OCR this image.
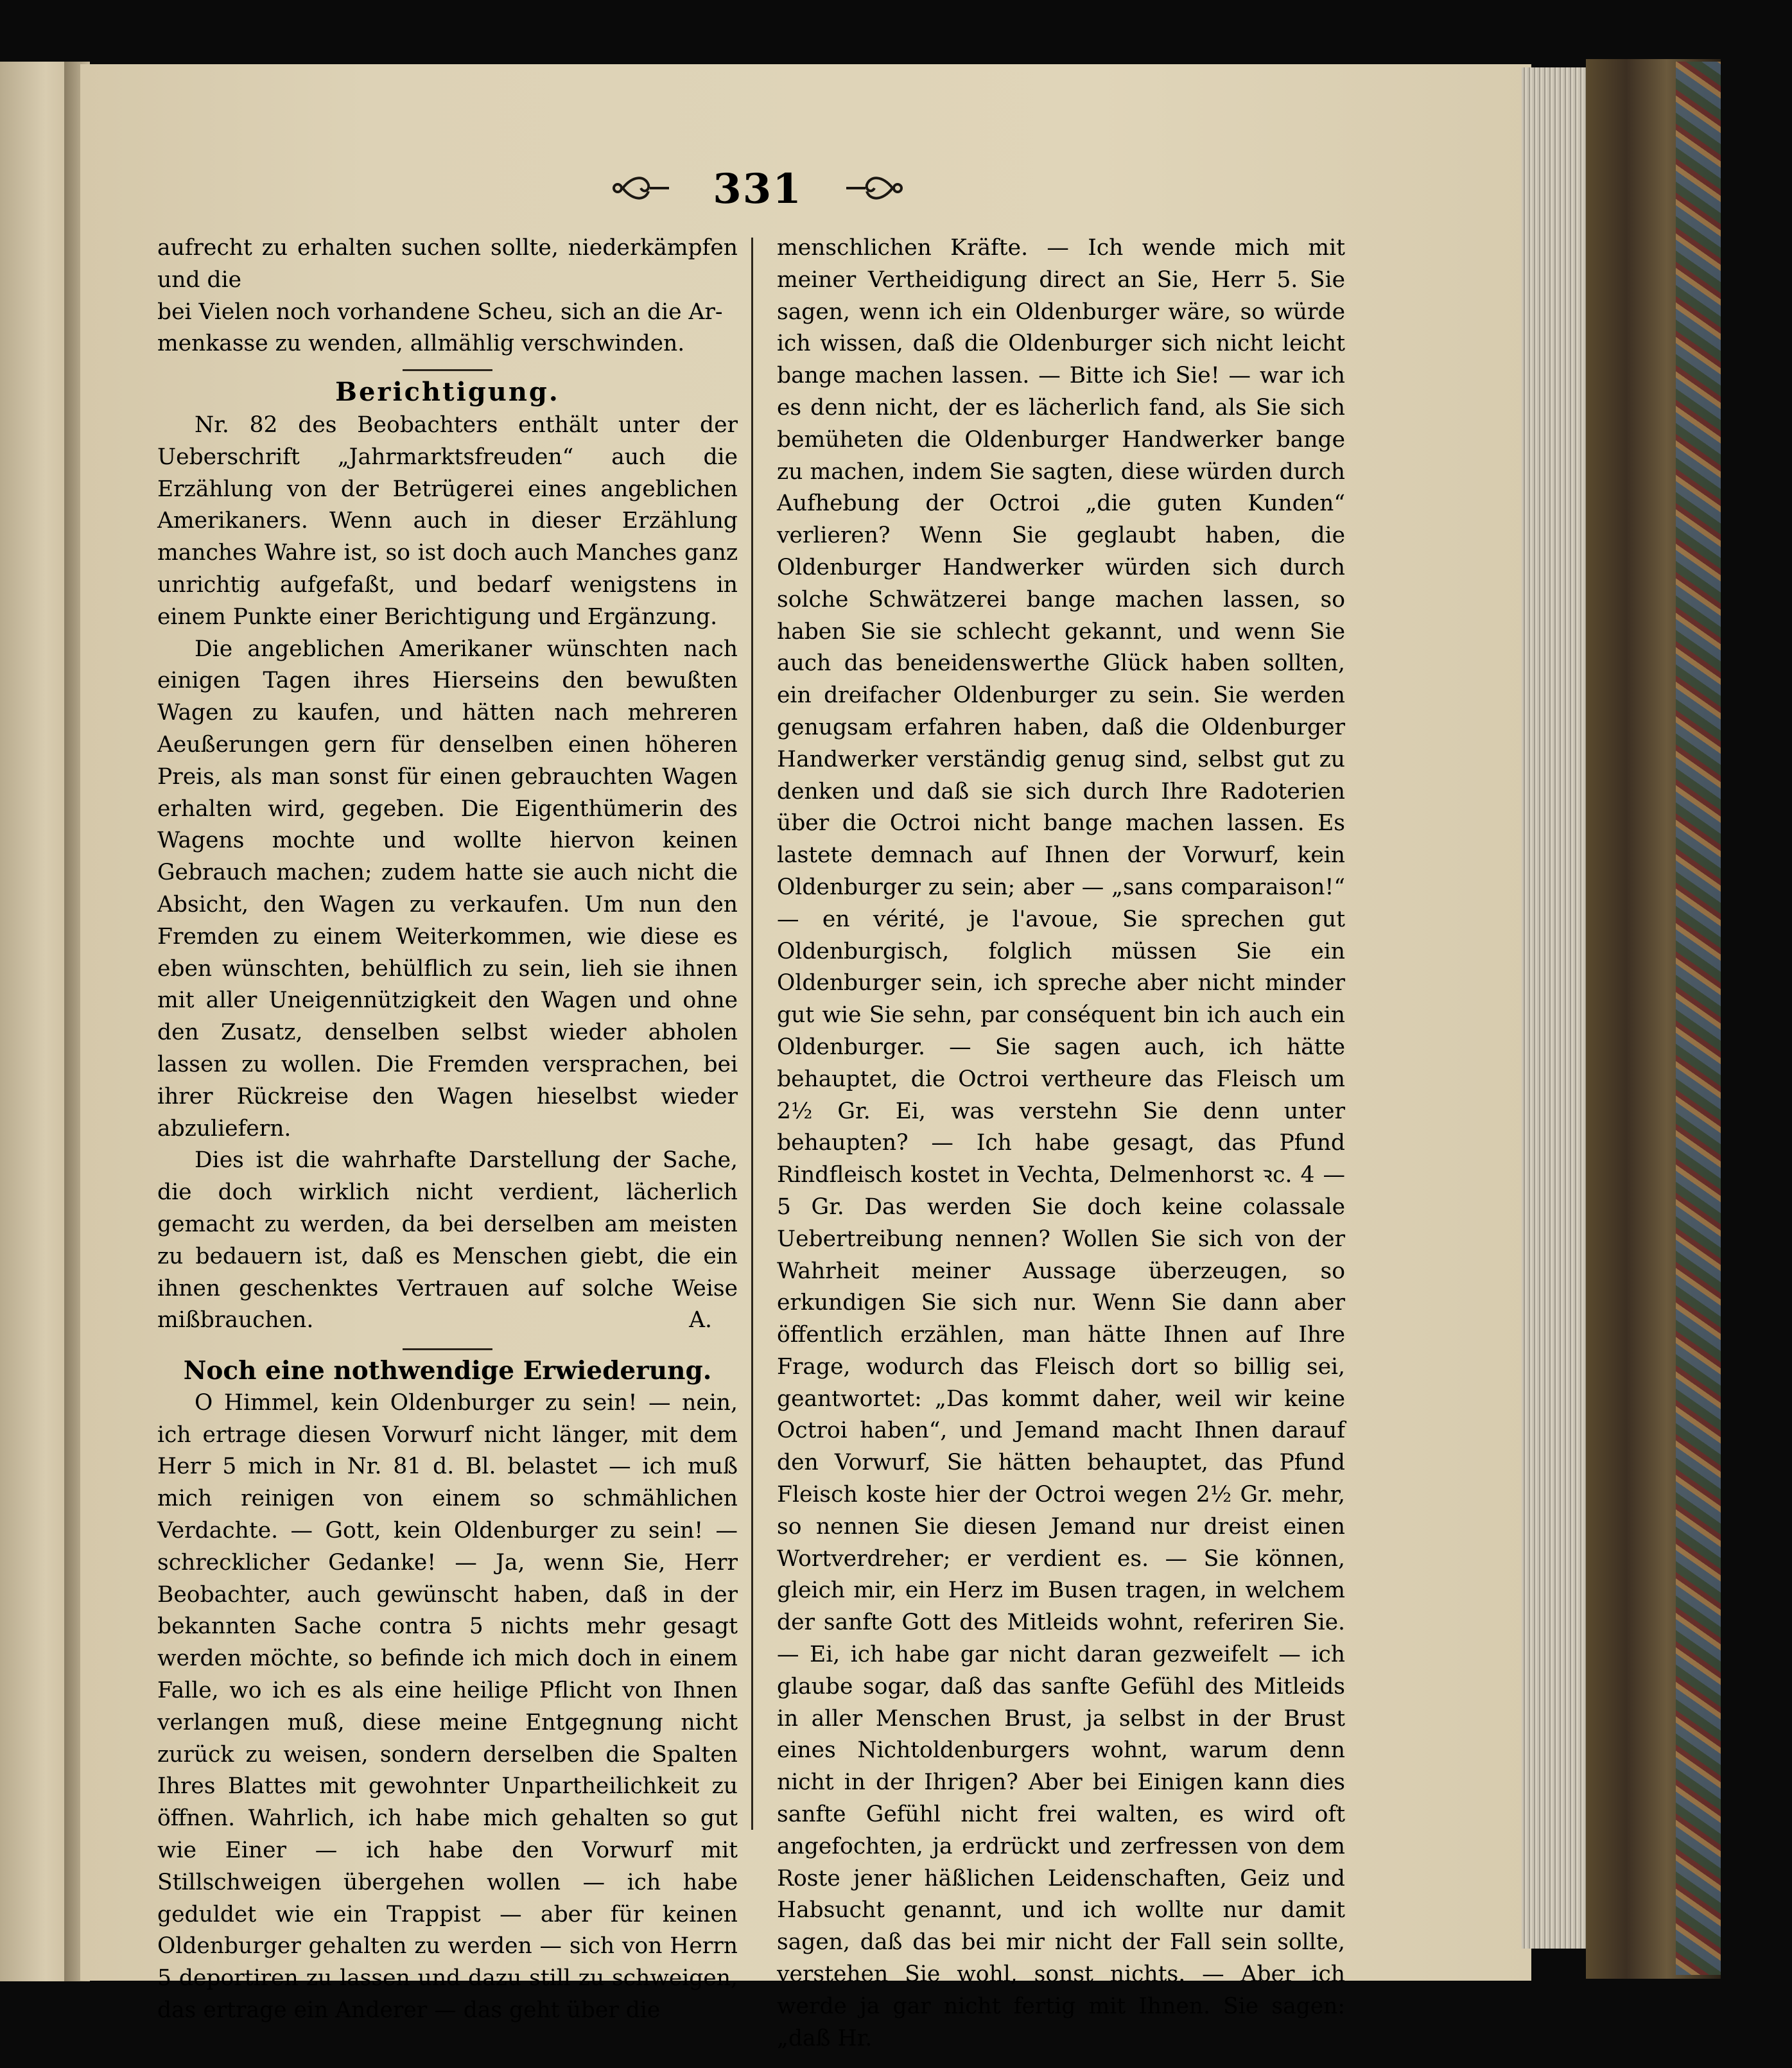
331

aufrecht zu erhalten suchen sollte, niederkämpfen und die

bei Vielen noch vorhandene Scheu, sich an die Ar-

menkasse zu wenden, allmählig verschwinden.

Berichtigung.

Nr. 82 des Beobachters enthält unter der Ueberschrift „Jahrmarktsfreuden“ auch die Erzählung von der Betrügerei eines angeblichen Amerikaners. Wenn auch in dieser Erzählung manches Wahre ist, so ist doch auch Manches ganz unrichtig aufgefaßt, und bedarf wenigstens in einem Punkte einer Berichtigung und Ergänzung.

Die angeblichen Amerikaner wünschten nach einigen Tagen ihres Hierseins den bewußten Wagen zu kaufen, und hätten nach mehreren Aeußerungen gern für denselben einen höheren Preis, als man sonst für einen gebrauchten Wagen erhalten wird, gegeben. Die Eigenthümerin des Wagens mochte und wollte hiervon keinen Gebrauch machen; zudem hatte sie auch nicht die Absicht, den Wagen zu verkaufen. Um nun den Fremden zu einem Weiterkommen, wie diese es eben wünschten, behülflich zu sein, lieh sie ihnen mit aller Uneigennützigkeit den Wagen und ohne den Zusatz, denselben selbst wieder abholen lassen zu wollen. Die Fremden versprachen, bei ihrer Rückreise den Wagen hieselbst wieder abzuliefern.

Dies ist die wahrhafte Darstellung der Sache, die doch wirklich nicht verdient, lächerlich gemacht zu werden, da bei derselben am meisten zu bedauern ist, daß es Menschen giebt, die ein ihnen geschenktes Vertrauen auf solche Weise mißbrauchen.	A.

Noch eine nothwendige Erwiederung.

O Himmel, kein Oldenburger zu sein! — nein, ich ertrage diesen Vorwurf nicht länger, mit dem Herr 5 mich in Nr. 81 d. Bl. belastet — ich muß mich reinigen von einem so schmählichen Verdachte. — Gott, kein Oldenburger zu sein! — schrecklicher Gedanke! — Ja, wenn Sie, Herr Beobachter, auch gewünscht haben, daß in der bekannten Sache contra 5 nichts mehr gesagt werden möchte, so befinde ich mich doch in einem Falle, wo ich es als eine heilige Pflicht von Ihnen verlangen muß, diese meine Entgegnung nicht zurück zu weisen, sondern derselben die Spalten Ihres Blattes mit gewohnter Unpartheilichkeit zu öffnen. Wahrlich, ich habe mich gehalten so gut wie Einer — ich habe den Vorwurf mit Stillschweigen übergehen wollen — ich habe geduldet wie ein Trappist — aber für keinen Oldenburger gehalten zu werden — sich von Herrn 5 deportiren zu lassen und dazu still zu schweigen, das ertrage ein Anderer — das geht über die

menschlichen Kräfte. — Ich wende mich mit meiner Vertheidigung direct an Sie, Herr 5. Sie sagen, wenn ich ein Oldenburger wäre, so würde ich wissen, daß die Oldenburger sich nicht leicht bange machen lassen. — Bitte ich Sie! — war ich es denn nicht, der es lächerlich fand, als Sie sich bemüheten die Oldenburger Handwerker bange zu machen, indem Sie sagten, diese würden durch Aufhebung der Octroi „die guten Kunden“ verlieren? Wenn Sie geglaubt haben, die Oldenburger Handwerker würden sich durch solche Schwätzerei bange machen lassen, so haben Sie sie schlecht gekannt, und wenn Sie auch das beneidenswerthe Glück haben sollten, ein dreifacher Oldenburger zu sein. Sie werden genugsam erfahren haben, daß die Oldenburger Handwerker verständig genug sind, selbst gut zu denken und daß sie sich durch Ihre Radoterien über die Octroi nicht bange machen lassen. Es lastete demnach auf Ihnen der Vorwurf, kein Oldenburger zu sein; aber — „sans comparaison!“ — en vérité, je l'avoue, Sie sprechen gut Oldenburgisch, folglich müssen Sie ein Oldenburger sein, ich spreche aber nicht minder gut wie Sie sehn, par conséquent bin ich auch ein Oldenburger. — Sie sagen auch, ich hätte behauptet, die Octroi vertheure das Fleisch um 2½ Gr. Ei, was verstehn Sie denn unter behaupten? — Ich habe gesagt, das Pfund Rindfleisch kostet in Vechta, Delmenhorst ꝛc. 4 — 5 Gr. Das werden Sie doch keine colassale Uebertreibung nennen? Wollen Sie sich von der Wahrheit meiner Aussage überzeugen, so erkundigen Sie sich nur. Wenn Sie dann aber öffentlich erzählen, man hätte Ihnen auf Ihre Frage, wodurch das Fleisch dort so billig sei, geantwortet: „Das kommt daher, weil wir keine Octroi haben“, und Jemand macht Ihnen darauf den Vorwurf, Sie hätten behauptet, das Pfund Fleisch koste hier der Octroi wegen 2½ Gr. mehr, so nennen Sie diesen Jemand nur dreist einen Wortverdreher; er verdient es. — Sie können, gleich mir, ein Herz im Busen tragen, in welchem der sanfte Gott des Mitleids wohnt, referiren Sie. — Ei, ich habe gar nicht daran gezweifelt — ich glaube sogar, daß das sanfte Gefühl des Mitleids in aller Menschen Brust, ja selbst in der Brust eines Nichtoldenburgers wohnt, warum denn nicht in der Ihrigen? Aber bei Einigen kann dies sanfte Gefühl nicht frei walten, es wird oft angefochten, ja erdrückt und zerfressen von dem Roste jener häßlichen Leidenschaften, Geiz und Habsucht genannt, und ich wollte nur damit sagen, daß das bei mir nicht der Fall sein sollte, verstehen Sie wohl, sonst nichts. — Aber ich werde ja gar nicht fertig mit Ihnen. Sie sagen: „daß Hr.
